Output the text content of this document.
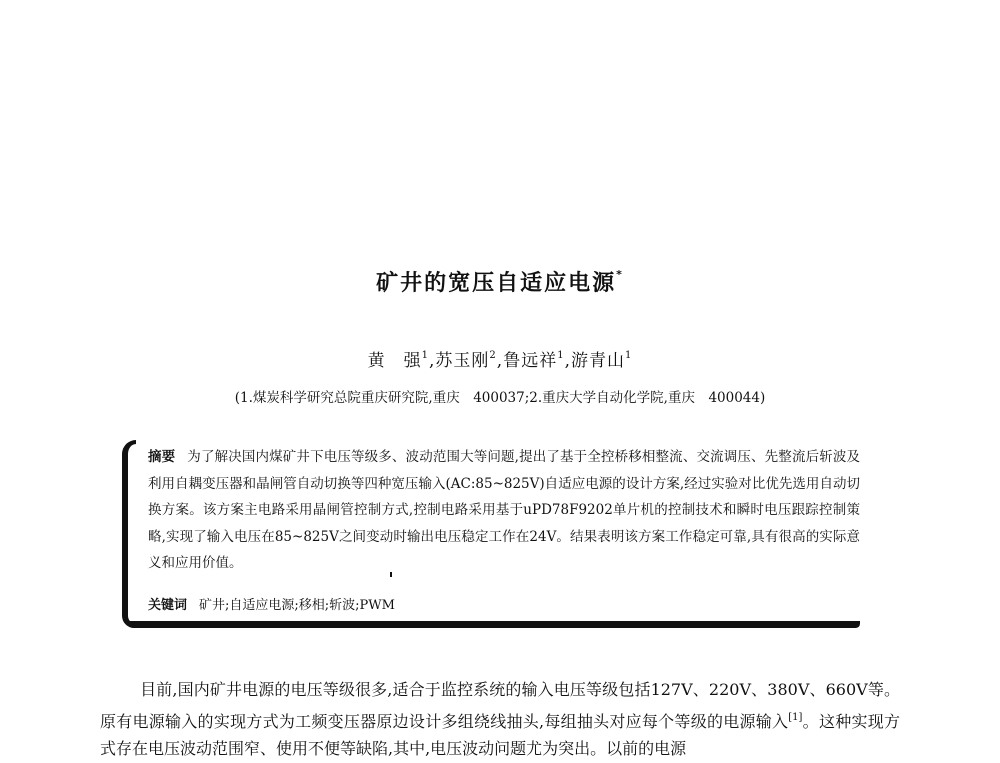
矿井的宽压自适应电源*
黄　强$^1$,苏玉刚$^2$,鲁远祥$^1$,游青山$^1$
(1.煤炭科学研究总院重庆研究院,重庆　400037;2.重庆大学自动化学院,重庆　400044)
摘要 为了解决国内煤矿井下电压等级多、波动范围大等问题,提出了基于全控桥移相整流、交流调压、先整流后斩波及利用自耦变压器和晶闸管自动切换等四种宽压输入(AC:85~825V)自适应电源的设计方案,经过实验对比优先选用自动切换方案。该方案主电路采用晶闸管控制方式,控制电路采用基于uPD78F9202单片机的控制技术和瞬时电压跟踪控制策略,实现了输入电压在85~825V之间变动时输出电压稳定工作在24V。结果表明该方案工作稳定可靠,具有很高的实际意义和应用价值。
关键词 矿井;自适应电源;移相;斩波;PWM
目前,国内矿井电源的电压等级很多,适合于监控系统的输入电压等级包括127V、220V、380V、660V等。原有电源输入的实现方式为工频变压器原边设计多组绕线抽头,每组抽头对应每个等级的电源输入[1]。这种实现方式存在电压波动范围窄、使用不便等缺陷,其中,电压波动问题尤为突出。以前的电源
